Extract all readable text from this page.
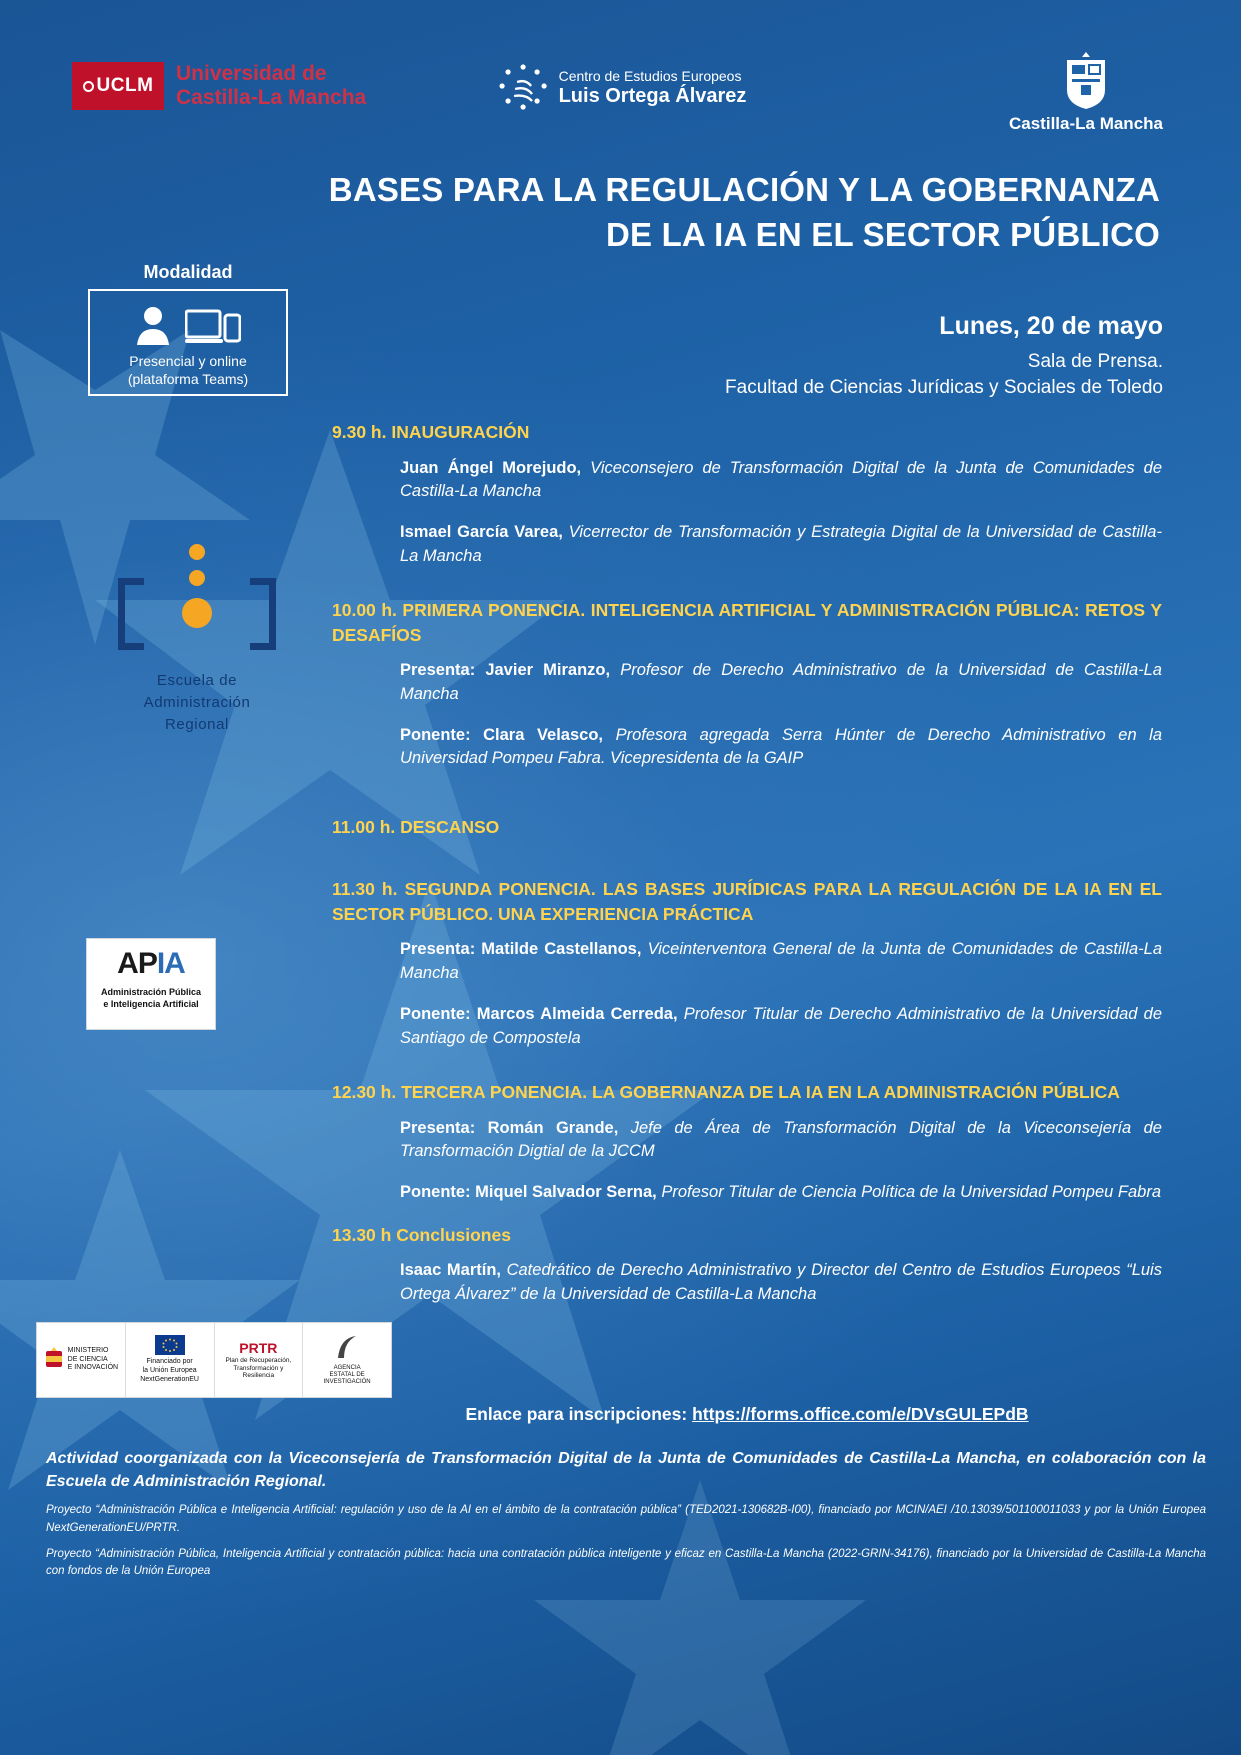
UCLM
Universidad de
Castilla-La Mancha
Centro de Estudios Europeos
Luis Ortega Álvarez
Castilla-La Mancha
BASES PARA LA REGULACIÓN Y LA GOBERNANZA
DE LA IA EN EL SECTOR PÚBLICO
Lunes, 20 de mayo
Sala de Prensa.
Facultad de Ciencias Jurídicas y Sociales de Toledo
Modalidad
Presencial y online
(plataforma Teams)
Escuela de
Administración
Regional
APIA
Administración Pública
e Inteligencia Artificial
MINISTERIO
DE CIENCIA
E INNOVACIÓN
Financiado por
la Unión Europea
NextGenerationEU
PRTR
Plan de Recuperación,
Transformación y
Resiliencia
AGENCIA
ESTATAL DE
INVESTIGACIÓN
9.30 h. INAUGURACIÓN
Juan Ángel Morejudo, Viceconsejero de Transformación Digital de la Junta de Comunidades de Castilla-La Mancha
Ismael García Varea, Vicerrector de Transformación y Estrategia Digital de la Universidad de Castilla-La Mancha
10.00 h. PRIMERA PONENCIA. INTELIGENCIA ARTIFICIAL Y ADMINISTRACIÓN PÚBLICA: RETOS Y DESAFÍOS
Presenta: Javier Miranzo, Profesor de Derecho Administrativo de la Universidad de Castilla-La Mancha
Ponente: Clara Velasco, Profesora agregada Serra Húnter de Derecho Administrativo en la Universidad Pompeu Fabra. Vicepresidenta de la GAIP
11.00 h. DESCANSO
11.30 h. SEGUNDA PONENCIA. LAS BASES JURÍDICAS PARA LA REGULACIÓN DE LA IA EN EL SECTOR PÚBLICO. UNA EXPERIENCIA PRÁCTICA
Presenta: Matilde Castellanos, Viceinterventora General de la Junta de Comunidades de Castilla-La Mancha
Ponente: Marcos Almeida Cerreda, Profesor Titular de Derecho Administrativo de la Universidad de Santiago de Compostela
12.30 h. TERCERA PONENCIA. LA GOBERNANZA DE LA IA EN LA ADMINISTRACIÓN PÚBLICA
Presenta: Román Grande, Jefe de Área de Transformación Digital de la Viceconsejería de Transformación Digtial de la JCCM
Ponente: Miquel Salvador Serna, Profesor Titular de Ciencia Política de la Universidad Pompeu Fabra
13.30 h Conclusiones
Isaac Martín, Catedrático de Derecho Administrativo y Director del Centro de Estudios Europeos “Luis Ortega Álvarez” de la Universidad de Castilla-La Mancha
Enlace para inscripciones: https://forms.office.com/e/DVsGULEPdB
Actividad coorganizada con la Viceconsejería de Transformación Digital de la Junta de Comunidades de Castilla-La Mancha, en colaboración con la Escuela de Administración Regional.
Proyecto “Administración Pública e Inteligencia Artificial: regulación y uso de la AI en el ámbito de la contratación pública” (TED2021-130682B-I00), financiado por MCIN/AEI /10.13039/501100011033 y por la Unión Europea NextGenerationEU/PRTR.
Proyecto “Administración Pública, Inteligencia Artificial y contratación pública: hacia una contratación pública inteligente y eficaz en Castilla-La Mancha (2022-GRIN-34176), financiado por la Universidad de Castilla-La Mancha con fondos de la Unión Europea
